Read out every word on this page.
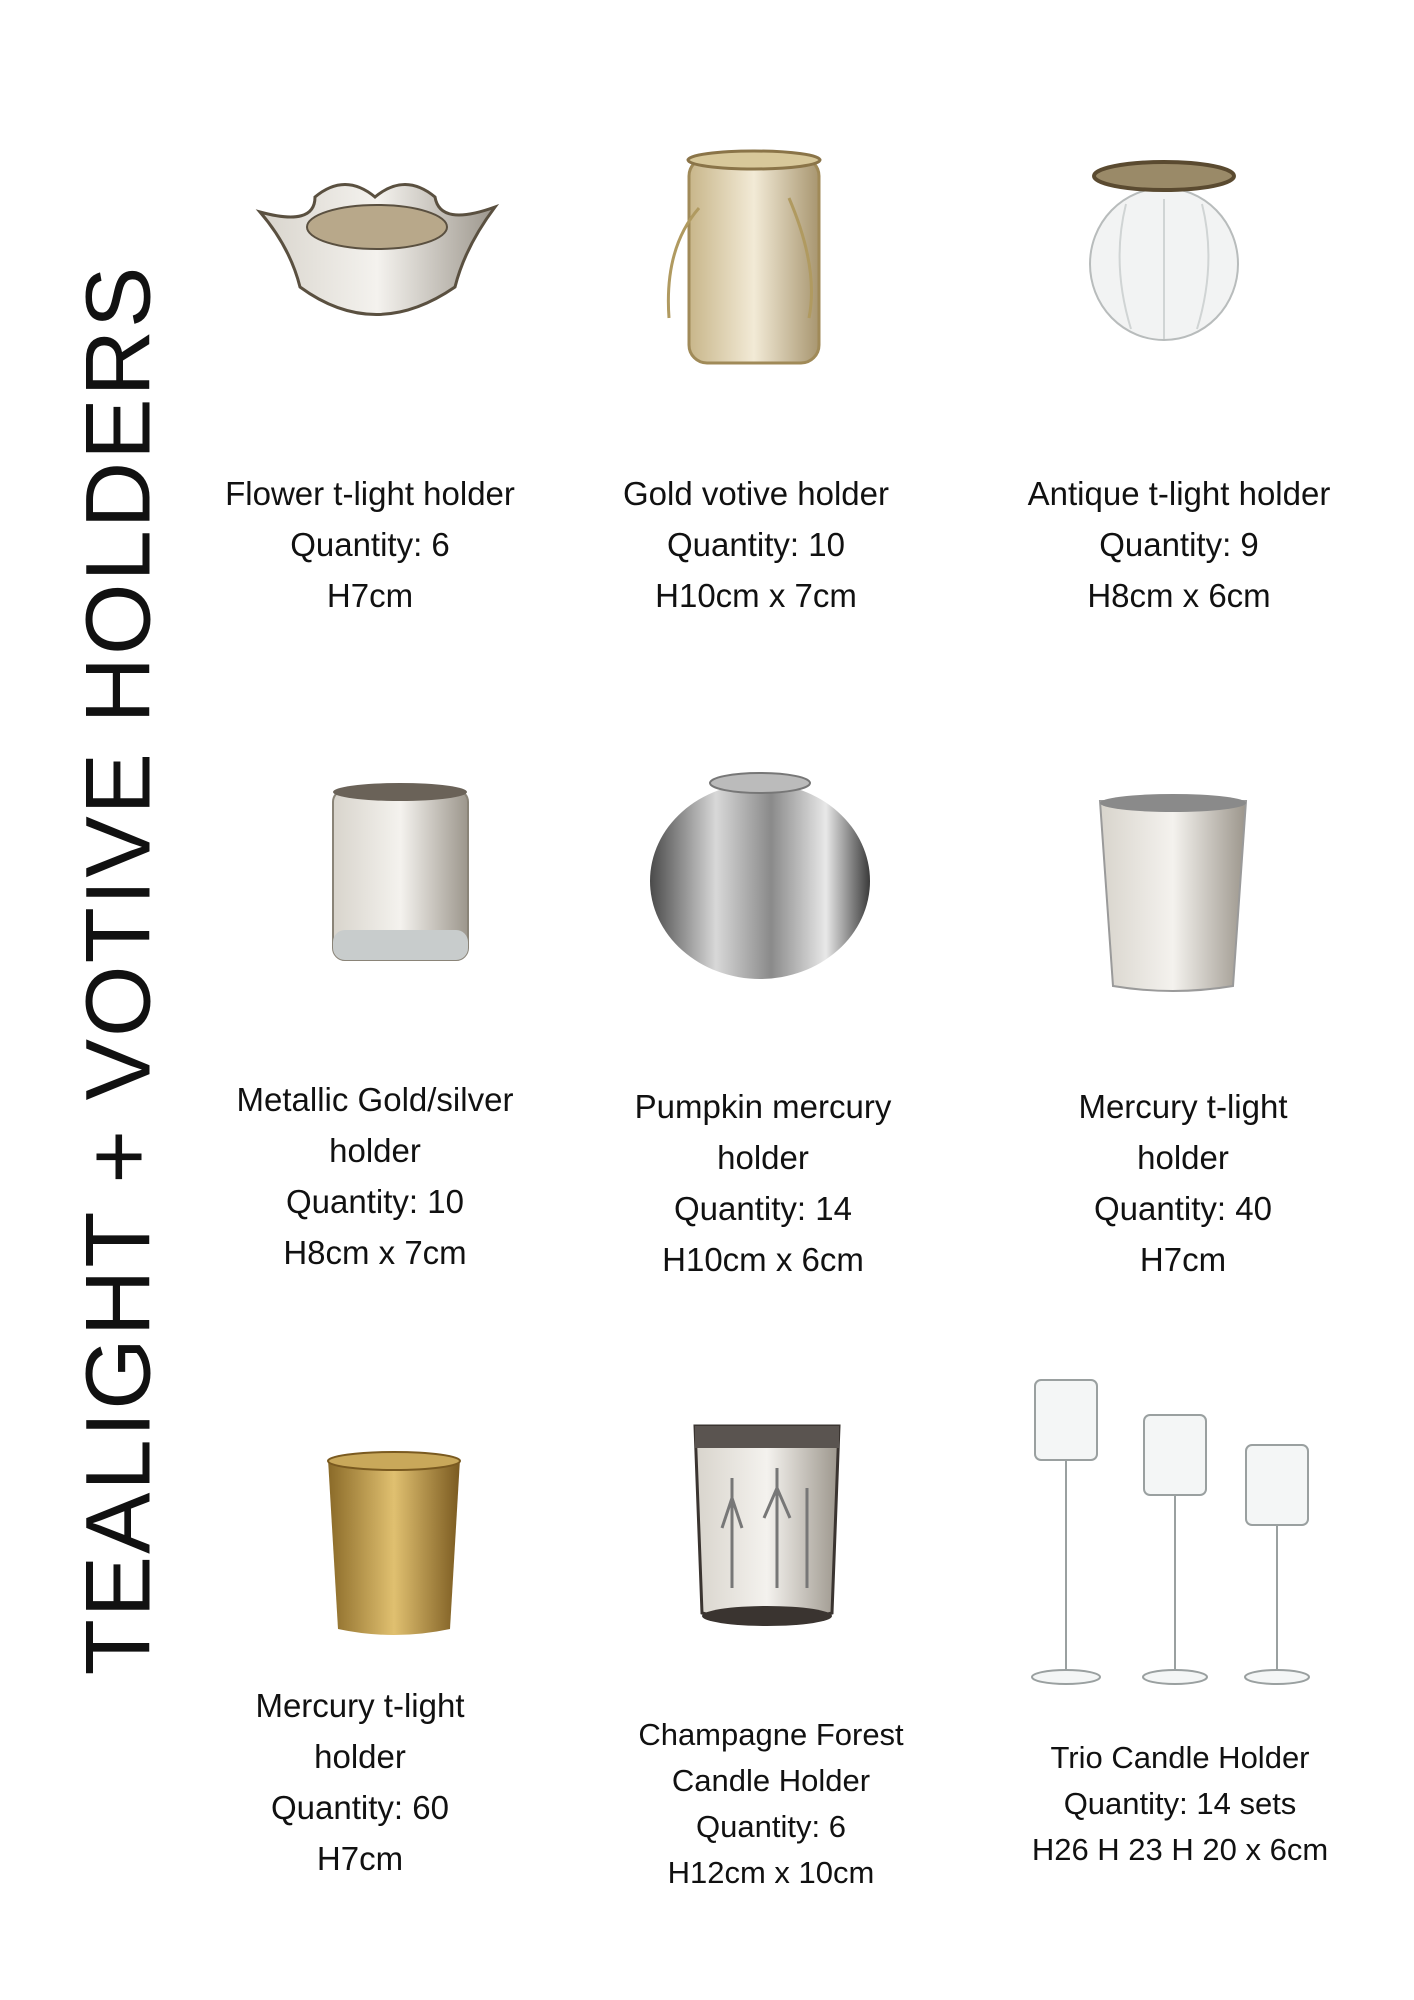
TEALIGHT + VOTIVE HOLDERS	Flower t-light holder
Quantity: 6
H7cm
Gold votive holder
Quantity: 10
H10cm x 7cm
Antique t-light holder
Quantity: 9
H8cm x 6cm
Metallic Gold/silver
holder
Quantity: 10
H8cm x 7cm
Pumpkin mercury
holder
Quantity: 14
H10cm x 6cm
Mercury t-light
holder
Quantity: 40
H7cm
Mercury t-light
holder
Quantity: 60
H7cm
Champagne Forest
Candle Holder
Quantity: 6
H12cm x 10cm
Trio Candle Holder
Quantity: 14 sets
H26 H 23 H 20 x 6cm
